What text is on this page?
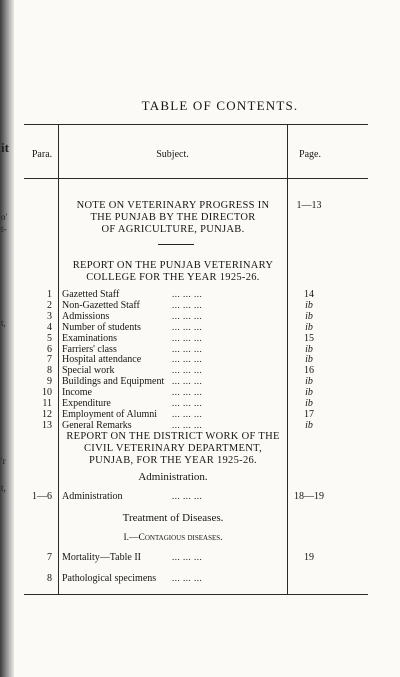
it
o'
t-
t,
'r
t,
TABLE OF CONTENTS.
Para.	Subject.	Page.
NOTE ON VETERINARY PROGRESS IN
THE PUNJAB BY THE DIRECTOR
OF AGRICULTURE, PUNJAB.
1—13
REPORT ON THE PUNJAB VETERINARY
COLLEGE FOR THE YEAR 1925-26.
1 Gazetted Staff	... ... ...	14
2 Non-Gazetted Staff	... ... ...	ib
3 Admissions	... ... ...	ib
4 Number of students	... ... ...	ib
5 Examinations	... ... ...	15
6 Farriers' class	... ... ...	ib
7 Hospital attendance	... ... ...	ib
8 Special work	... ... ...	16
9 Buildings and Equipment ... ... ...	ib
10 Income	... ... ...	ib
11 Expenditure	... ... ...	ib
12 Employment of Alumni ... ... ...	17
13 General Remarks	... ... ...	ib
REPORT ON THE DISTRICT WORK OF THE
CIVIL VETERINARY DEPARTMENT,
PUNJAB, FOR THE YEAR 1925-26.
Administration.
1—6 Administration	... ... ...	18—19
Treatment of Diseases.
I.—Contagious diseases.
7 Mortality—Table II	... ... ...	19
8 Pathological specimens ... ... ...
